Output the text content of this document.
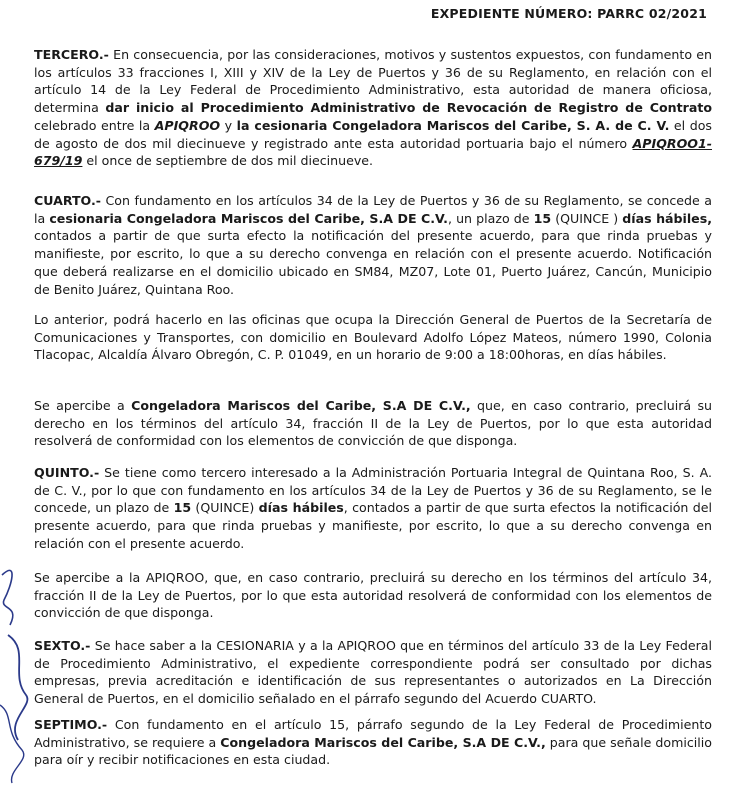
EXPEDIENTE NÚMERO: PARRC 02/2021

TERCERO.- En consecuencia, por las consideraciones, motivos y sustentos expuestos, con fundamento en los artículos 33 fracciones I, XIII y XIV de la Ley de Puertos y 36 de su Reglamento, en relación con el artículo 14 de la Ley Federal de Procedimiento Administrativo, esta autoridad de manera oficiosa, determina dar inicio al Procedimiento Administrativo de Revocación de Registro de Contrato celebrado entre la APIQROO y la cesionaria Congeladora Mariscos del Caribe, S. A. de C. V. el dos de agosto de dos mil diecinueve y registrado ante esta autoridad portuaria bajo el número APIQROO1-679/19 el once de septiembre de dos mil diecinueve.

CUARTO.- Con fundamento en los artículos 34 de la Ley de Puertos y 36 de su Reglamento, se concede a la cesionaria Congeladora Mariscos del Caribe, S.A DE C.V., un plazo de 15 (QUINCE ) días hábiles, contados a partir de que surta efecto la notificación del presente acuerdo, para que rinda pruebas y manifieste, por escrito, lo que a su derecho convenga en relación con el presente acuerdo. Notificación que deberá realizarse en el domicilio ubicado en SM84, MZ07, Lote 01, Puerto Juárez, Cancún, Municipio de Benito Juárez, Quintana Roo.

Lo anterior, podrá hacerlo en las oficinas que ocupa la Dirección General de Puertos de la Secretaría de Comunicaciones y Transportes, con domicilio en Boulevard Adolfo López Mateos, número 1990, Colonia Tlacopac, Alcaldía Álvaro Obregón, C. P. 01049, en un horario de 9:00 a 18:00horas, en días hábiles.

Se apercibe a Congeladora Mariscos del Caribe, S.A DE C.V., que, en caso contrario, precluirá su derecho en los términos del artículo 34, fracción II de la Ley de Puertos, por lo que esta autoridad resolverá de conformidad con los elementos de convicción de que disponga.

QUINTO.- Se tiene como tercero interesado a la Administración Portuaria Integral de Quintana Roo, S. A. de C. V., por lo que con fundamento en los artículos 34 de la Ley de Puertos y 36 de su Reglamento, se le concede, un plazo de 15 (QUINCE) días hábiles, contados a partir de que surta efectos la notificación del presente acuerdo, para que rinda pruebas y manifieste, por escrito, lo que a su derecho convenga en relación con el presente acuerdo.

Se apercibe a la APIQROO, que, en caso contrario, precluirá su derecho en los términos del artículo 34, fracción II de la Ley de Puertos, por lo que esta autoridad resolverá de conformidad con los elementos de convicción de que disponga.

SEXTO.- Se hace saber a la CESIONARIA y a la APIQROO que en términos del artículo 33 de la Ley Federal de Procedimiento Administrativo, el expediente correspondiente podrá ser consultado por dichas empresas, previa acreditación e identificación de sus representantes o autorizados en La Dirección General de Puertos, en el domicilio señalado en el párrafo segundo del Acuerdo CUARTO.

SEPTIMO.- Con fundamento en el artículo 15, párrafo segundo de la Ley Federal de Procedimiento Administrativo, se requiere a Congeladora Mariscos del Caribe, S.A DE C.V., para que señale domicilio para oír y recibir notificaciones en esta ciudad.
